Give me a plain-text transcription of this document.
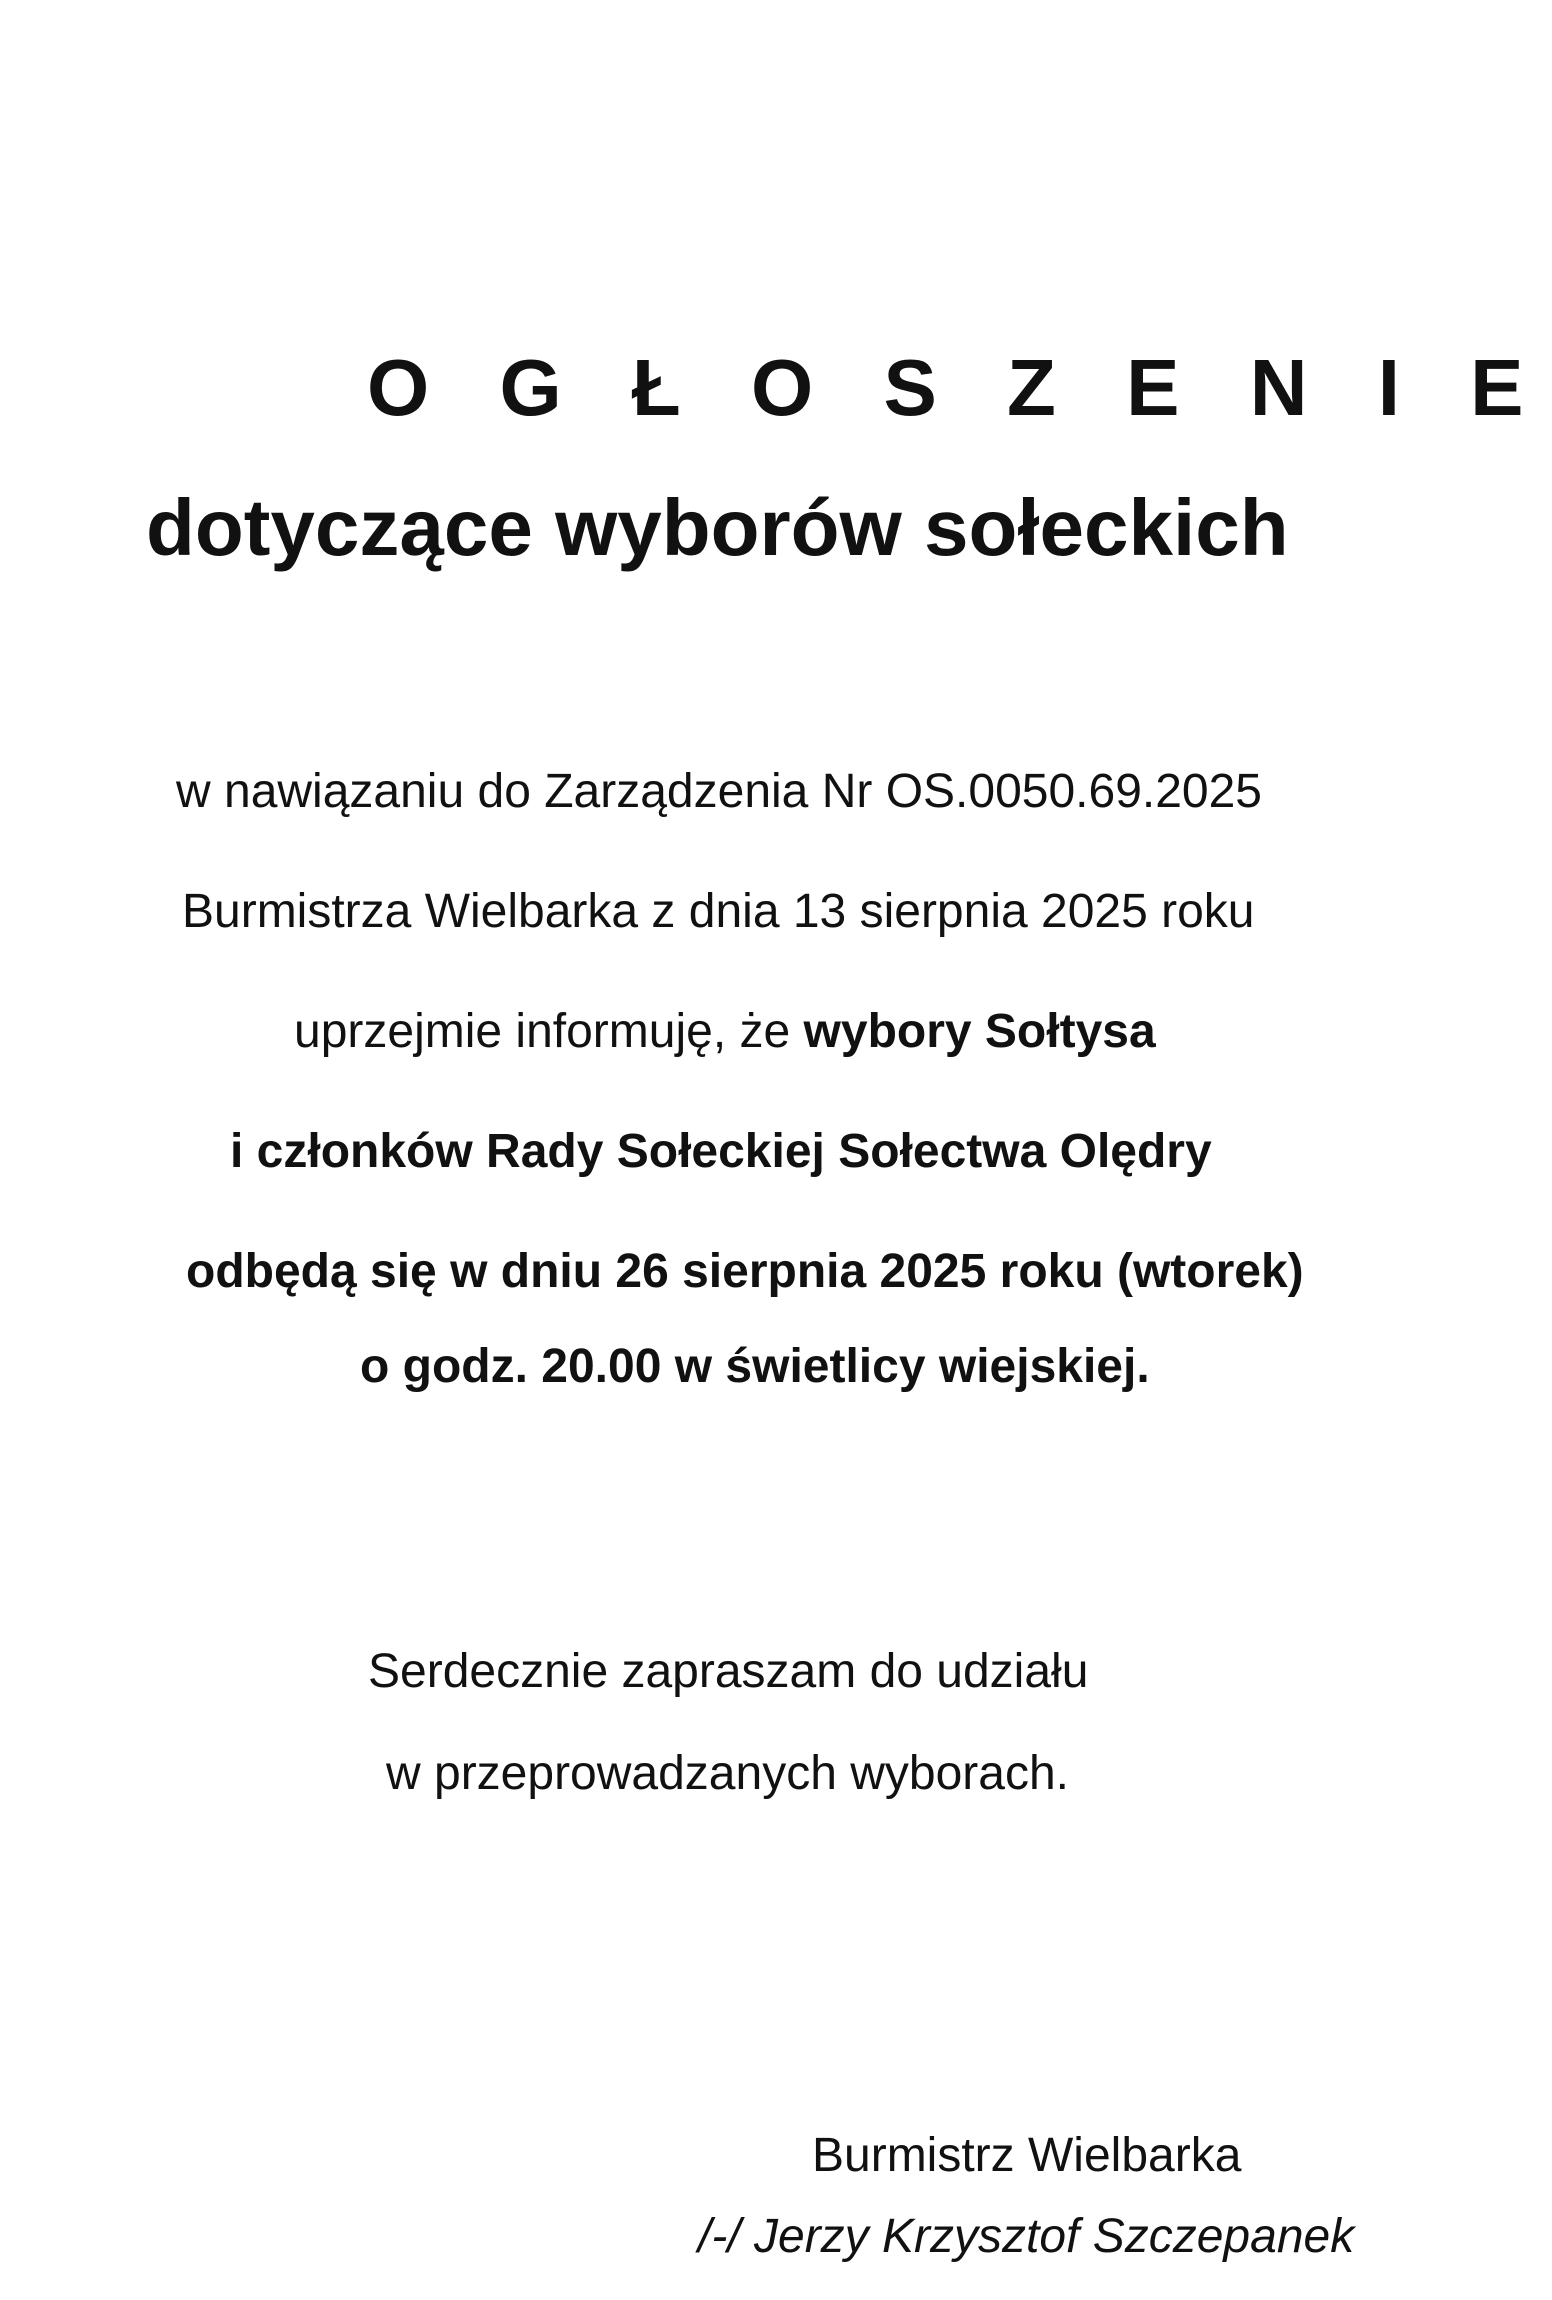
O G Ł O S Z E N I E
dotyczące wyborów sołeckich
w nawiązaniu do Zarządzenia Nr OS.0050.69.2025
Burmistrza Wielbarka z dnia 13 sierpnia 2025 roku
uprzejmie informuję, że wybory Sołtysa
i członków Rady Sołeckiej Sołectwa Olędry
odbędą się w dniu 26 sierpnia 2025 roku (wtorek)
o godz. 20.00 w świetlicy wiejskiej.
Serdecznie zapraszam do udziału
w przeprowadzanych wyborach.
Burmistrz Wielbarka
/-/ Jerzy Krzysztof Szczepanek
